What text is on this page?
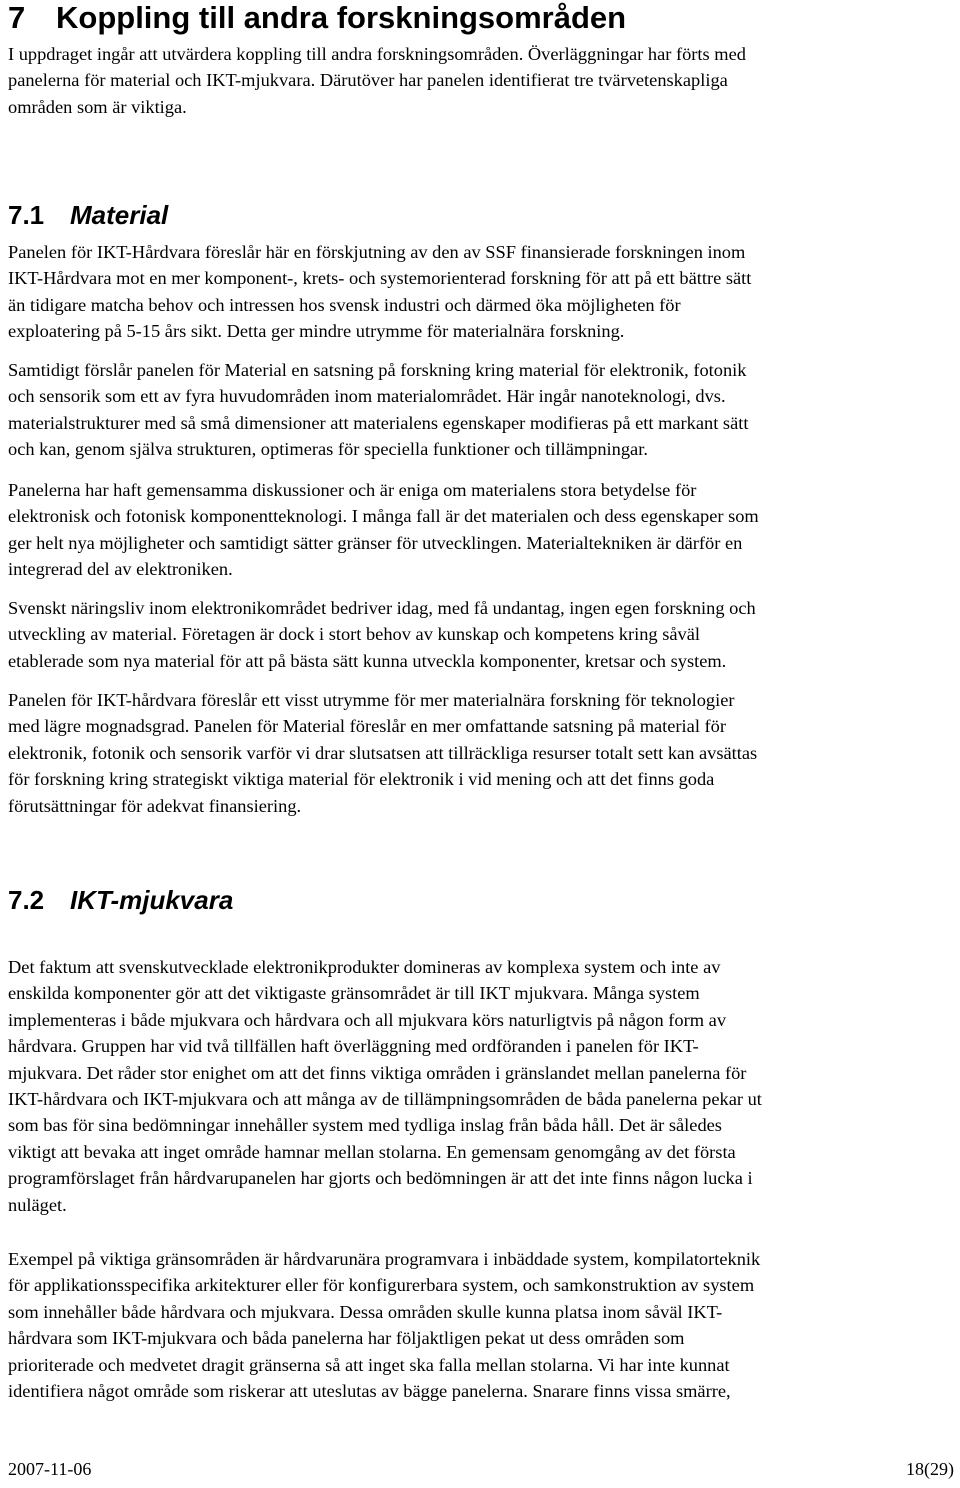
7 Koppling till andra forskningsområden

I uppdraget ingår att utvärdera koppling till andra forskningsområden. Överläggningar har förts med
panelerna för material och IKT-mjukvara. Därutöver har panelen identifierat tre tvärvetenskapliga
områden som är viktiga.

7.1 Material

Panelen för IKT-Hårdvara föreslår här en förskjutning av den av SSF finansierade forskningen inom
IKT-Hårdvara mot en mer komponent-, krets- och systemorienterad forskning för att på ett bättre sätt
än tidigare matcha behov och intressen hos svensk industri och därmed öka möjligheten för
exploatering på 5-15 års sikt. Detta ger mindre utrymme för materialnära forskning.

Samtidigt förslår panelen för Material en satsning på forskning kring material för elektronik, fotonik
och sensorik som ett av fyra huvudområden inom materialområdet. Här ingår nanoteknologi, dvs.
materialstrukturer med så små dimensioner att materialens egenskaper modifieras på ett markant sätt
och kan, genom själva strukturen, optimeras för speciella funktioner och tillämpningar.

Panelerna har haft gemensamma diskussioner och är eniga om materialens stora betydelse för
elektronisk och fotonisk komponentteknologi. I många fall är det materialen och dess egenskaper som
ger helt nya möjligheter och samtidigt sätter gränser för utvecklingen. Materialtekniken är därför en
integrerad del av elektroniken.

Svenskt näringsliv inom elektronikområdet bedriver idag, med få undantag, ingen egen forskning och
utveckling av material. Företagen är dock i stort behov av kunskap och kompetens kring såväl
etablerade som nya material för att på bästa sätt kunna utveckla komponenter, kretsar och system.

Panelen för IKT-hårdvara föreslår ett visst utrymme för mer materialnära forskning för teknologier
med lägre mognadsgrad. Panelen för Material föreslår en mer omfattande satsning på material för
elektronik, fotonik och sensorik varför vi drar slutsatsen att tillräckliga resurser totalt sett kan avsättas
för forskning kring strategiskt viktiga material för elektronik i vid mening och att det finns goda
förutsättningar för adekvat finansiering.

7.2 IKT-mjukvara

Det faktum att svenskutvecklade elektronikprodukter domineras av komplexa system och inte av
enskilda komponenter gör att det viktigaste gränsområdet är till IKT mjukvara. Många system
implementeras i både mjukvara och hårdvara och all mjukvara körs naturligtvis på någon form av
hårdvara. Gruppen har vid två tillfällen haft överläggning med ordföranden i panelen för IKT-
mjukvara. Det råder stor enighet om att det finns viktiga områden i gränslandet mellan panelerna för
IKT-hårdvara och IKT-mjukvara och att många av de tillämpningsområden de båda panelerna pekar ut
som bas för sina bedömningar innehåller system med tydliga inslag från båda håll. Det är således
viktigt att bevaka att inget område hamnar mellan stolarna. En gemensam genomgång av det första
programförslaget från hårdvarupanelen har gjorts och bedömningen är att det inte finns någon lucka i
nuläget.

Exempel på viktiga gränsområden är hårdvarunära programvara i inbäddade system, kompilatorteknik
för applikationsspecifika arkitekturer eller för konfigurerbara system, och samkonstruktion av system
som innehåller både hårdvara och mjukvara. Dessa områden skulle kunna platsa inom såväl IKT-
hårdvara som IKT-mjukvara och båda panelerna har följaktligen pekat ut dess områden som
prioriterade och medvetet dragit gränserna så att inget ska falla mellan stolarna. Vi har inte kunnat
identifiera något område som riskerar att uteslutas av bägge panelerna. Snarare finns vissa smärre,

2007-11-06	18(29)
